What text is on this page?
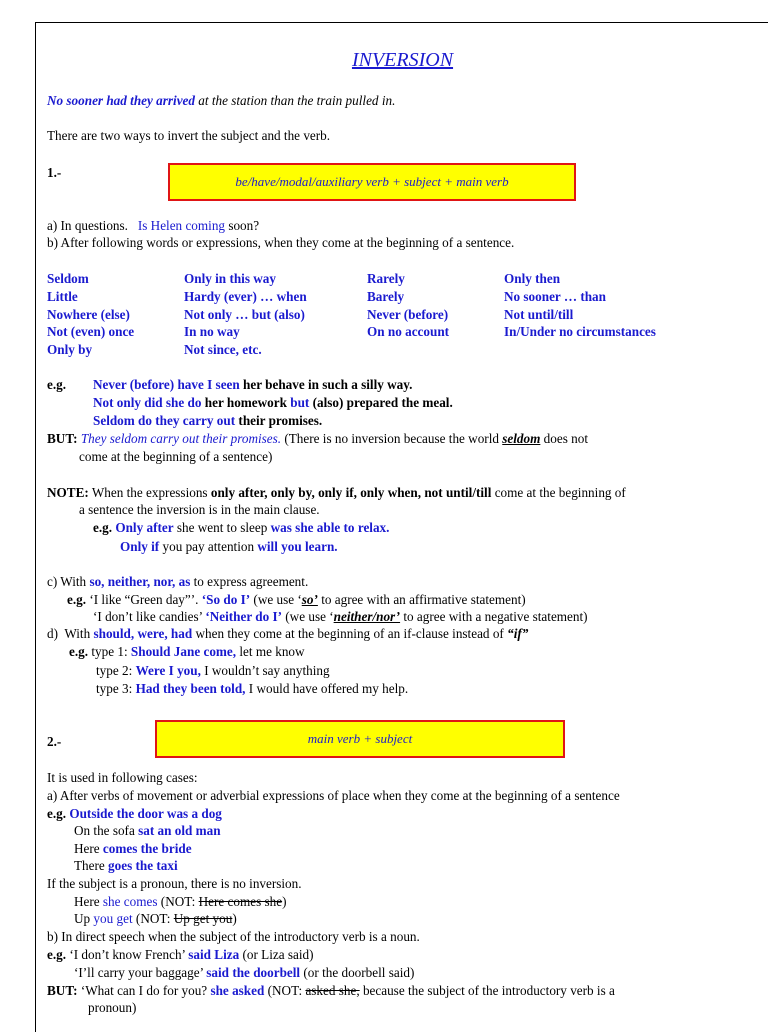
INVERSION
No sooner had they arrived at the station than the train pulled in.
There are two ways to invert the subject and the verb.
1.-
be/have/modal/auxiliary verb + subject + main verb
a) In questions.   Is Helen coming soon?
b) After following words or expressions, when they come at the beginning of a sentence.
Seldom
Little
Nowhere (else)
Not (even) once
Only by
Only in this way
Hardy (ever) … when
Not only … but (also)
In no way
Not since, etc.
Rarely
Barely
Never (before)
On no account
Only then
No sooner … than
Not until/till
In/Under no circumstances
e.g. Never (before) have I seen her behave in such a silly way.
Not only did she do her homework but (also) prepared the meal.
Seldom do they carry out their promises.
BUT: They seldom carry out their promises. (There is no inversion because the world seldom does not
come at the beginning of a sentence)
NOTE: When the expressions only after, only by, only if, only when, not until/till come at the beginning of
a sentence the inversion is in the main clause.
e.g. Only after she went to sleep was she able to relax.
Only if you pay attention will you learn.
c) With so, neither, nor, as to express agreement.
e.g. ‘I like “Green day”’. ‘So do I’ (we use ‘so’ to agree with an affirmative statement)
‘I don’t like candies’ ‘Neither do I’ (we use ‘neither/nor’ to agree with a negative statement)
d)  With should, were, had when they come at the beginning of an if-clause instead of “if”
e.g. type 1: Should Jane come, let me know
type 2: Were I you, I wouldn’t say anything
type 3: Had they been told, I would have offered my help.
2.-	main verb + subject
It is used in following cases:
a) After verbs of movement or adverbial expressions of place when they come at the beginning of a sentence
e.g. Outside the door was a dog
On the sofa sat an old man
Here comes the bride
There goes the taxi
If the subject is a pronoun, there is no inversion.
Here she comes (NOT: Here comes she)
Up you get (NOT: Up get you)
b) In direct speech when the subject of the introductory verb is a noun.
e.g. ‘I don’t know French’ said Liza (or Liza said)
‘I’ll carry your baggage’ said the doorbell (or the doorbell said)
BUT: ‘What can I do for you? she asked (NOT: asked she, because the subject of the introductory verb is a
pronoun)
